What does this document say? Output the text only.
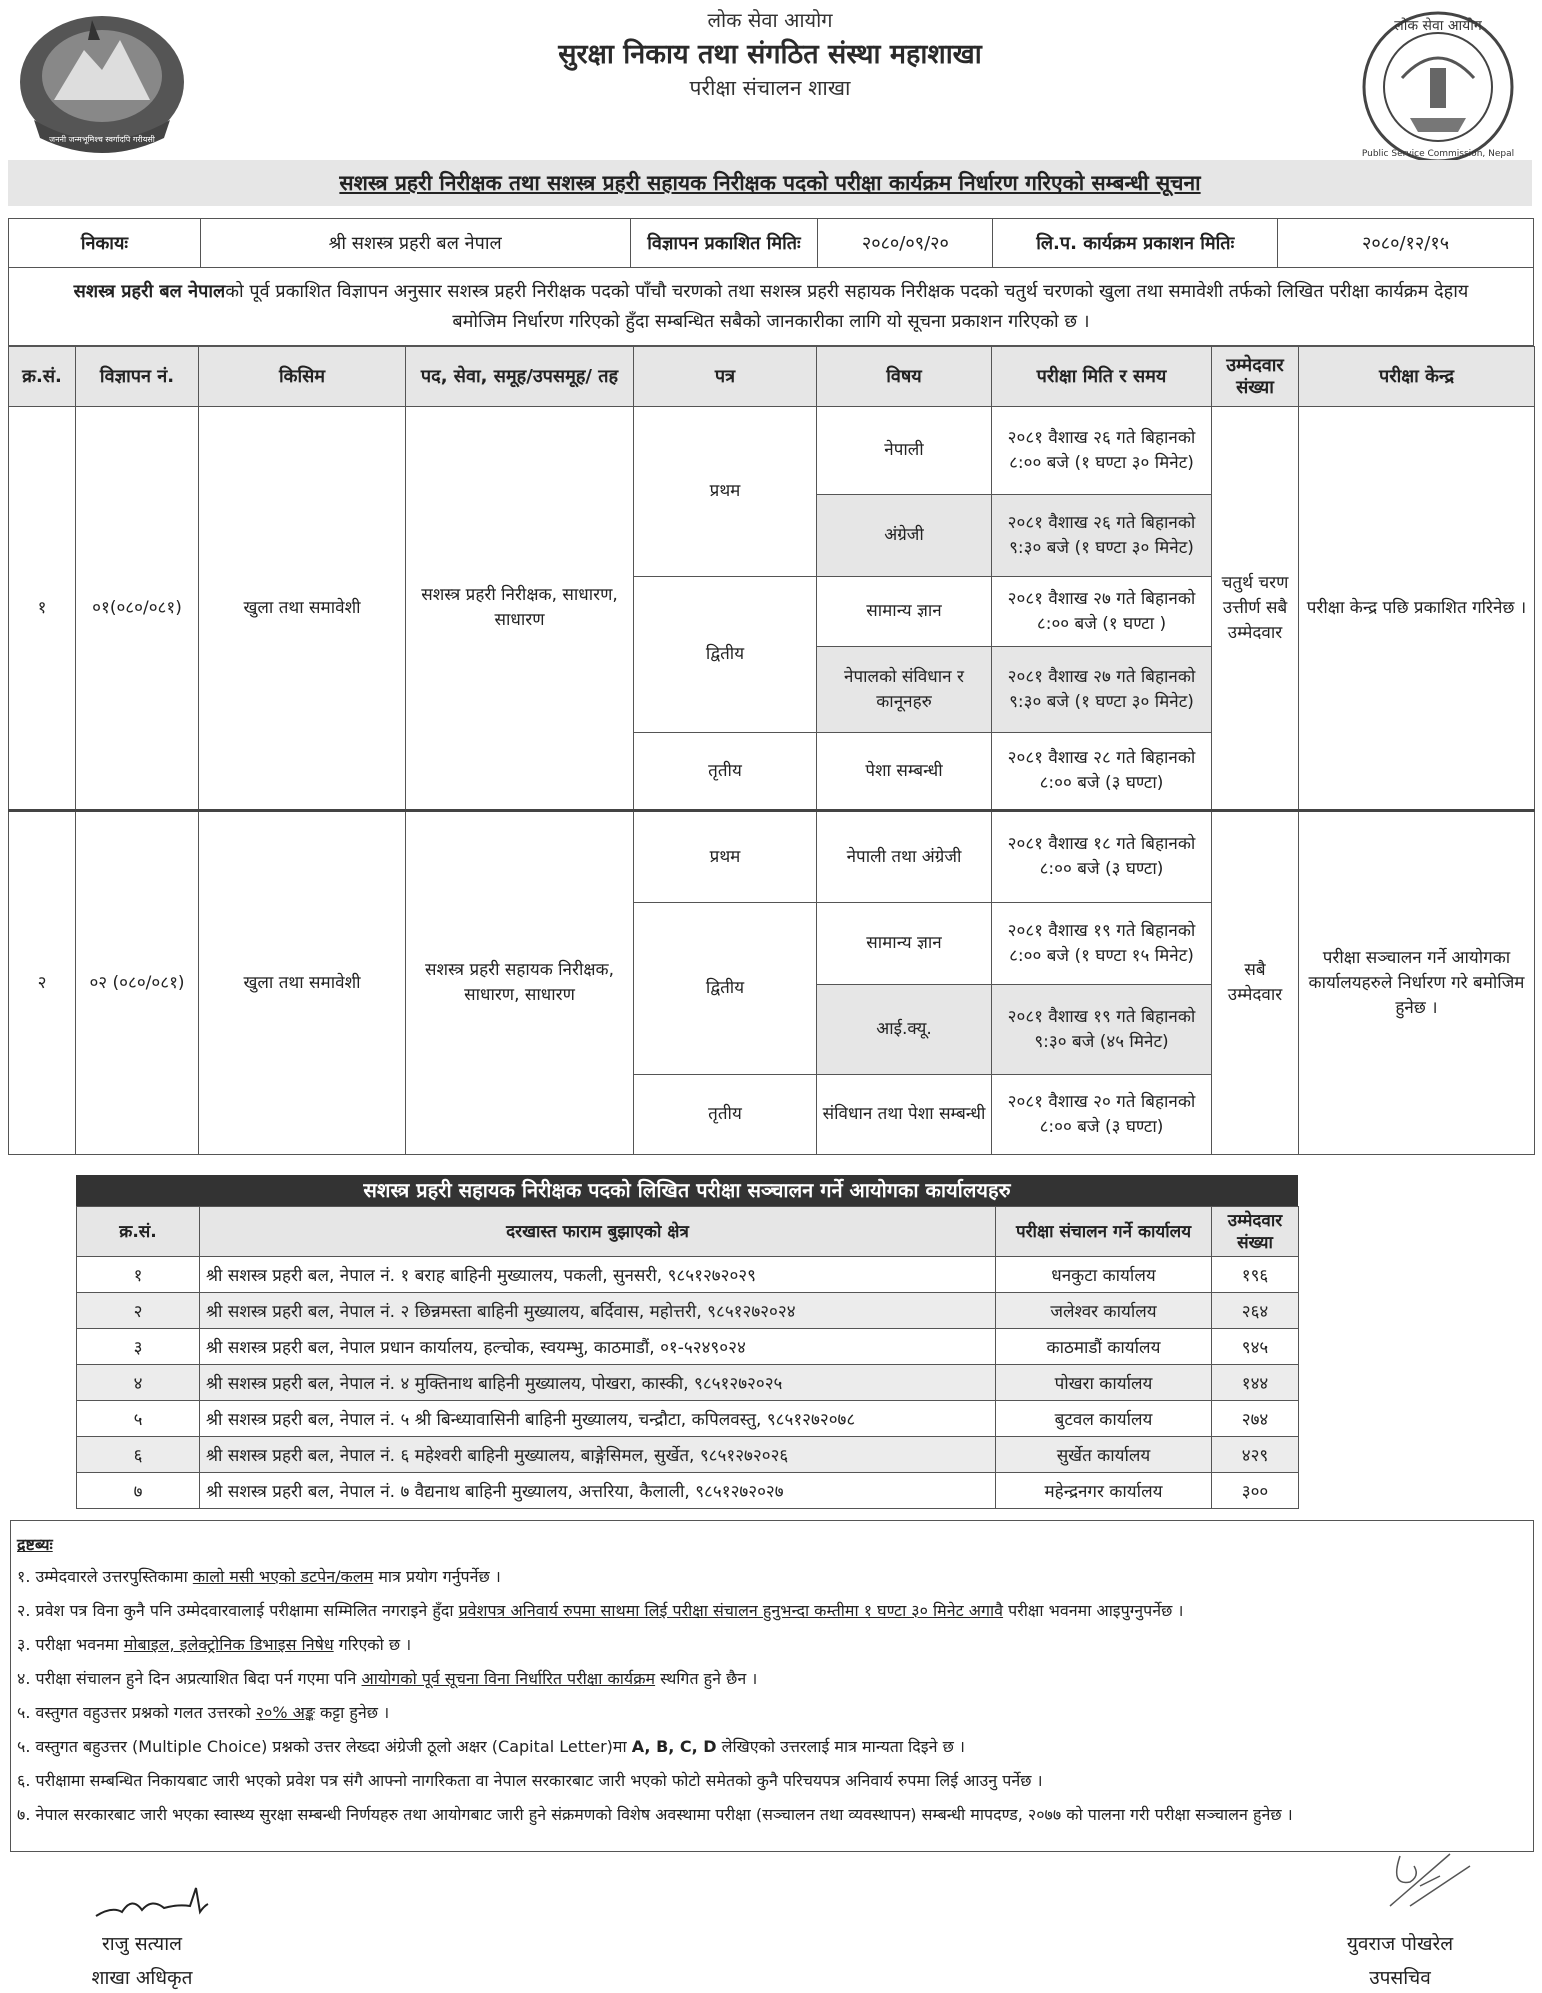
जननी जन्मभूमिश्च स्वर्गादपि गरीयसी
लोक सेवा आयोग
Public Service Commission, Nepal
लोक सेवा आयोग
सुरक्षा निकाय तथा संगठित संस्था महाशाखा
परीक्षा संचालन शाखा
सशस्त्र प्रहरी निरीक्षक तथा सशस्त्र प्रहरी सहायक निरीक्षक पदको परीक्षा कार्यक्रम निर्धारण गरिएको सम्बन्धी सूचना
निकायः	श्री सशस्त्र प्रहरी बल नेपाल	विज्ञापन प्रकाशित मितिः	२०८०/०९/२०	लि.प. कार्यक्रम प्रकाशन मितिः	२०८०/१२/१५
सशस्त्र प्रहरी बल नेपालको पूर्व प्रकाशित विज्ञापन अनुसार सशस्त्र प्रहरी निरीक्षक पदको पाँचौ चरणको तथा सशस्त्र प्रहरी सहायक निरीक्षक पदको चतुर्थ चरणको खुला तथा समावेशी तर्फको लिखित परीक्षा कार्यक्रम देहाय बमोजिम निर्धारण गरिएको हुँदा सम्बन्धित सबैको जानकारीका लागि यो सूचना प्रकाशन गरिएको छ ।
क्र.सं.	विज्ञापन नं.	किसिम	पद, सेवा, समूह/उपसमूह/ तह	पत्र	विषय	परीक्षा मिति र समय	उम्मेदवार संख्या	परीक्षा केन्द्र
१	०१(०८०/०८१)	खुला तथा समावेशी	सशस्त्र प्रहरी निरीक्षक, साधारण, साधारण	प्रथम	नेपाली	२०८१ वैशाख २६ गते बिहानको ८:०० बजे (१ घण्टा ३० मिनेट)	चतुर्थ चरण उत्तीर्ण सबै उम्मेदवार	परीक्षा केन्द्र पछि प्रकाशित गरिनेछ ।
					अंग्रेजी	२०८१ वैशाख २६ गते बिहानको ९:३० बजे (१ घण्टा ३० मिनेट)		
				द्वितीय	सामान्य ज्ञान	२०८१ वैशाख २७ गते बिहानको ८:०० बजे (१ घण्टा )		
					नेपालको संविधान र कानूनहरु	२०८१ वैशाख २७ गते बिहानको ९:३० बजे (१ घण्टा ३० मिनेट)		
				तृतीय	पेशा सम्बन्धी	२०८१ वैशाख २८ गते बिहानको ८:०० बजे (३ घण्टा)		
२	०२ (०८०/०८१)	खुला तथा समावेशी	सशस्त्र प्रहरी सहायक निरीक्षक, साधारण, साधारण	प्रथम	नेपाली तथा अंग्रेजी	२०८१ वैशाख १८ गते बिहानको ८:०० बजे (३ घण्टा)	सबै उम्मेदवार	परीक्षा सञ्चालन गर्ने आयोगका कार्यालयहरुले निर्धारण गरे बमोजिम हुनेछ ।
				द्वितीय	सामान्य ज्ञान	२०८१ वैशाख १९ गते बिहानको ८:०० बजे (१ घण्टा १५ मिनेट)		
					आई.क्यू.	२०८१ वैशाख १९ गते बिहानको ९:३० बजे (४५ मिनेट)		
				तृतीय	संविधान तथा पेशा सम्बन्धी	२०८१ वैशाख २० गते बिहानको ८:०० बजे (३ घण्टा)		
सशस्त्र प्रहरी सहायक निरीक्षक पदको लिखित परीक्षा सञ्चालन गर्ने आयोगका कार्यालयहरु
क्र.सं.	दरखास्त फाराम बुझाएको क्षेत्र	परीक्षा संचालन गर्ने कार्यालय	उम्मेदवार संख्या
१	श्री सशस्त्र प्रहरी बल, नेपाल नं. १ बराह बाहिनी मुख्यालय, पकली, सुनसरी, ९८५१२७२०२९	धनकुटा कार्यालय	१९६
२	श्री सशस्त्र प्रहरी बल, नेपाल नं. २ छिन्नमस्ता बाहिनी मुख्यालय, बर्दिवास, महोत्तरी, ९८५१२७२०२४	जलेश्वर कार्यालय	२६४
३	श्री सशस्त्र प्रहरी बल, नेपाल प्रधान कार्यालय, हल्चोक, स्वयम्भु, काठमाडौं, ०१-५२४९०२४	काठमाडौं कार्यालय	९४५
४	श्री सशस्त्र प्रहरी बल, नेपाल नं. ४ मुक्तिनाथ बाहिनी मुख्यालय, पोखरा, कास्की, ९८५१२७२०२५	पोखरा कार्यालय	१४४
५	श्री सशस्त्र प्रहरी बल, नेपाल नं. ५ श्री बिन्ध्यावासिनी बाहिनी मुख्यालय, चन्द्रौटा, कपिलवस्तु, ९८५१२७२०७८	बुटवल कार्यालय	२७४
६	श्री सशस्त्र प्रहरी बल, नेपाल नं. ६ महेश्वरी बाहिनी मुख्यालय, बाङ्गेसिमल, सुर्खेत, ९८५१२७२०२६	सुर्खेत कार्यालय	४२९
७	श्री सशस्त्र प्रहरी बल, नेपाल नं. ७ वैद्यनाथ बाहिनी मुख्यालय, अत्तरिया, कैलाली, ९८५१२७२०२७	महेन्द्रनगर कार्यालय	३००
द्रष्टब्यः

१. उम्मेदवारले उत्तरपुस्तिकामा कालो मसी भएको डटपेन/कलम मात्र प्रयोग गर्नुपर्नेछ ।

२. प्रवेश पत्र विना कुनै पनि उम्मेदवारवालाई परीक्षामा सम्मिलित नगराइने हुँदा प्रवेशपत्र अनिवार्य रुपमा साथमा लिई परीक्षा संचालन हुनुभन्दा कम्तीमा १ घण्टा ३० मिनेट अगावै परीक्षा भवनमा आइपुग्नुपर्नेछ ।

३. परीक्षा भवनमा मोबाइल, इलेक्ट्रोनिक डिभाइस निषेध गरिएको छ ।

४. परीक्षा संचालन हुने दिन अप्रत्याशित बिदा पर्न गएमा पनि आयोगको पूर्व सूचना विना निर्धारित परीक्षा कार्यक्रम स्थगित हुने छैन ।

५. वस्तुगत वहुउत्तर प्रश्नको गलत उत्तरको २०% अङ्क कट्टा हुनेछ ।

५. वस्तुगत बहुउत्तर (Multiple Choice) प्रश्नको उत्तर लेख्दा अंग्रेजी ठूलो अक्षर (Capital Letter)मा A, B, C, D लेखिएको उत्तरलाई मात्र मान्यता दिइने छ ।

६. परीक्षामा सम्बन्धित निकायबाट जारी भएको प्रवेश पत्र संगै आफ्नो नागरिकता वा नेपाल सरकारबाट जारी भएको फोटो समेतको कुनै परिचयपत्र अनिवार्य रुपमा लिई आउनु पर्नेछ ।

७. नेपाल सरकारबाट जारी भएका स्वास्थ्य सुरक्षा सम्बन्धी निर्णयहरु तथा आयोगबाट जारी हुने संक्रमणको विशेष अवस्थामा परीक्षा (सञ्चालन तथा व्यवस्थापन) सम्बन्धी मापदण्ड, २०७७ को पालना गरी परीक्षा सञ्चालन हुनेछ ।

राजु सत्याल
शाखा अधिकृत
युवराज पोखरेल
उपसचिव
